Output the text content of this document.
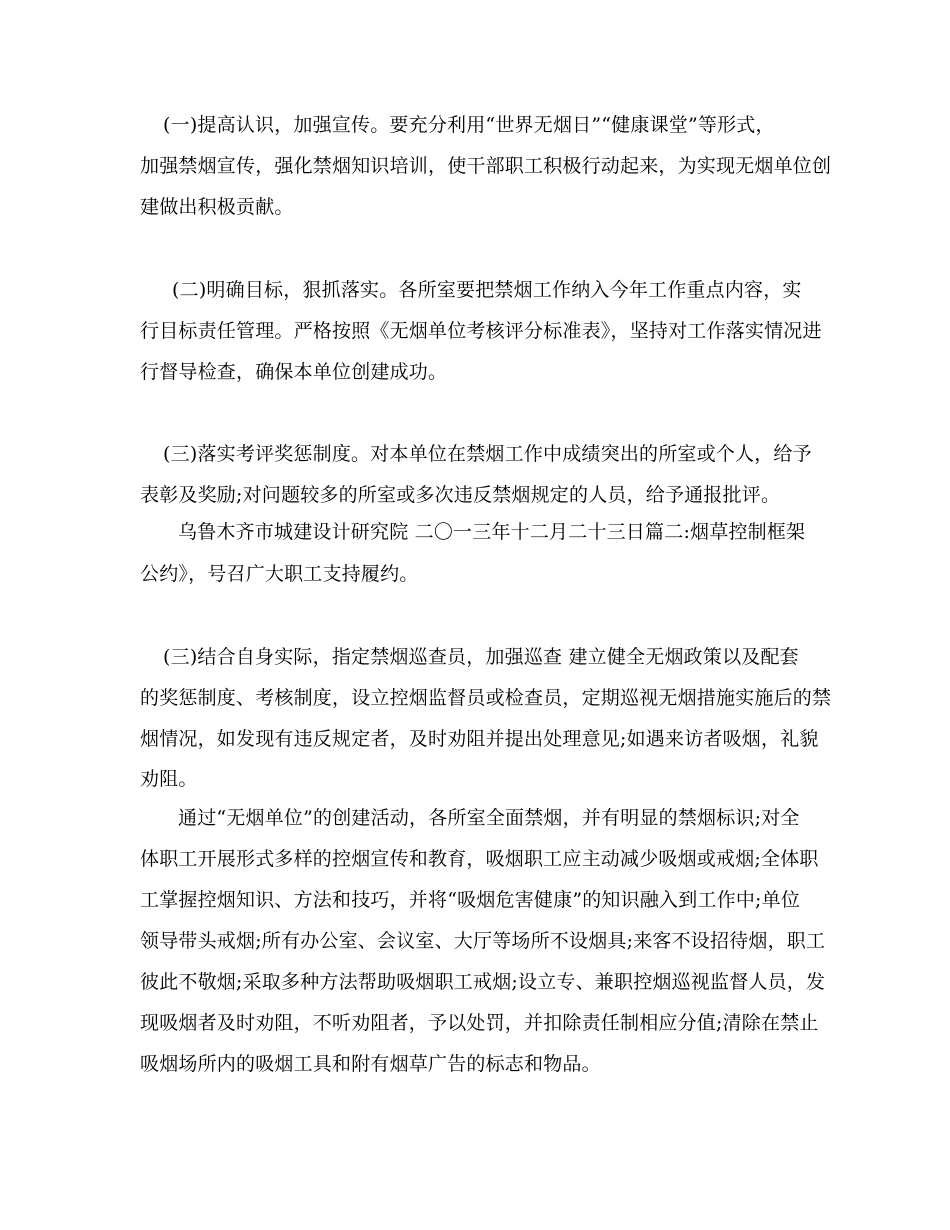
(一)提高认识，加强宣传。要充分利用“世界无烟日”“健康课堂”等形式，
加强禁烟宣传，强化禁烟知识培训，使干部职工积极行动起来，为实现无烟单位创
建做出积极贡献。
(二)明确目标，狠抓落实。各所室要把禁烟工作纳入今年工作重点内容，实
行目标责任管理。严格按照《无烟单位考核评分标准表》，坚持对工作落实情况进
行督导检查，确保本单位创建成功。
(三)落实考评奖惩制度。对本单位在禁烟工作中成绩突出的所室或个人，给予
表彰及奖励;对问题较多的所室或多次违反禁烟规定的人员，给予通报批评。
乌鲁木齐市城建设计研究院 二〇一三年十二月二十三日篇二:烟草控制框架
公约》，号召广大职工支持履约。
(三)结合自身实际，指定禁烟巡查员，加强巡查 建立健全无烟政策以及配套
的奖惩制度、考核制度，设立控烟监督员或检查员，定期巡视无烟措施实施后的禁
烟情况，如发现有违反规定者，及时劝阻并提出处理意见;如遇来访者吸烟，礼貌
劝阻。
通过“无烟单位”的创建活动，各所室全面禁烟，并有明显的禁烟标识;对全
体职工开展形式多样的控烟宣传和教育，吸烟职工应主动减少吸烟或戒烟;全体职
工掌握控烟知识、方法和技巧，并将“吸烟危害健康”的知识融入到工作中;单位
领导带头戒烟;所有办公室、会议室、大厅等场所不设烟具;来客不设招待烟，职工
彼此不敬烟;采取多种方法帮助吸烟职工戒烟;设立专、兼职控烟巡视监督人员，发
现吸烟者及时劝阻，不听劝阻者，予以处罚，并扣除责任制相应分值;清除在禁止
吸烟场所内的吸烟工具和附有烟草广告的标志和物品。
